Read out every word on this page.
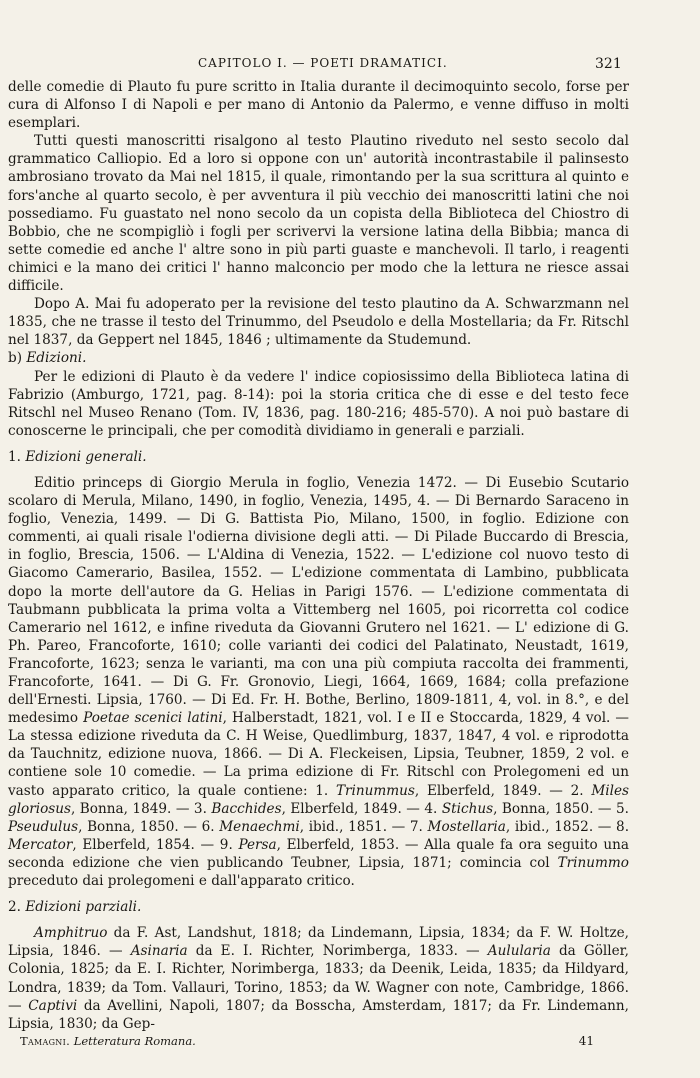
CAPITOLO I. — POETI DRAMATICI.	321

delle comedie di Plauto fu pure scritto in Italia durante il decimoquinto secolo, forse per cura di Alfonso I di Napoli e per mano di Antonio da Palermo, e venne diffuso in molti esemplari.

Tutti questi manoscritti risalgono al testo Plautino riveduto nel sesto secolo dal grammatico Calliopio. Ed a loro si oppone con un' autorità incontrastabile il palinsesto ambrosiano trovato da Mai nel 1815, il quale, rimontando per la sua scrittura al quinto e fors'anche al quarto secolo, è per avventura il più vecchio dei manoscritti latini che noi possediamo. Fu guastato nel nono secolo da un copista della Biblioteca del Chiostro di Bobbio, che ne scompigliò i fogli per scrivervi la versione latina della Bibbia; manca di sette comedie ed anche l' altre sono in più parti guaste e manchevoli. Il tarlo, i reagenti chimici e la mano dei critici l' hanno malconcio per modo che la lettura ne riesce assai difficile.

Dopo A. Mai fu adoperato per la revisione del testo plautino da A. Schwarzmann nel 1835, che ne trasse il testo del Trinummo, del Pseudolo e della Mostellaria; da Fr. Ritschl nel 1837, da Geppert nel 1845, 1846 ; ultimamente da Studemund.

b) Edizioni.

Per le edizioni di Plauto è da vedere l' indice copiosissimo della Biblioteca latina di Fabrizio (Amburgo, 1721, pag. 8-14): poi la storia critica che di esse e del testo fece Ritschl nel Museo Renano (Tom. IV, 1836, pag. 180-216; 485-570). A noi può bastare di conoscerne le principali, che per comodità dividiamo in generali e parziali.

1. Edizioni generali.

Editio princeps di Giorgio Merula in foglio, Venezia 1472. — Di Eusebio Scutario scolaro di Merula, Milano, 1490, in foglio, Venezia, 1495, 4. — Di Bernardo Saraceno in foglio, Venezia, 1499. — Di G. Battista Pio, Milano, 1500, in foglio. Edizione con commenti, ai quali risale l'odierna divisione degli atti. — Di Pilade Buccardo di Brescia, in foglio, Brescia, 1506. — L'Aldina di Venezia, 1522. — L'edizione col nuovo testo di Giacomo Camerario, Basilea, 1552. — L'edizione commentata di Lambino, pubblicata dopo la morte dell'autore da G. Helias in Parigi 1576. — L'edizione commentata di Taubmann pubblicata la prima volta a Vittemberg nel 1605, poi ricorretta col codice Camerario nel 1612, e infine riveduta da Giovanni Grutero nel 1621. — L' edizione di G. Ph. Pareo, Francoforte, 1610; colle varianti dei codici del Palatinato, Neustadt, 1619, Francoforte, 1623; senza le varianti, ma con una più compiuta raccolta dei frammenti, Francoforte, 1641. — Di G. Fr. Gronovio, Liegi, 1664, 1669, 1684; colla prefazione dell'Ernesti. Lipsia, 1760. — Di Ed. Fr. H. Bothe, Berlino, 1809-1811, 4, vol. in 8.°, e del medesimo Poetae scenici latini, Halberstadt, 1821, vol. I e II e Stoccarda, 1829, 4 vol. — La stessa edizione riveduta da C. H Weise, Quedlimburg, 1837, 1847, 4 vol. e riprodotta da Tauchnitz, edizione nuova, 1866. — Di A. Fleckeisen, Lipsia, Teubner, 1859, 2 vol. e contiene sole 10 comedie. — La prima edizione di Fr. Ritschl con Prolegomeni ed un vasto apparato critico, la quale contiene: 1. Trinummus, Elberfeld, 1849. — 2. Miles gloriosus, Bonna, 1849. — 3. Bacchides, Elberfeld, 1849. — 4. Stichus, Bonna, 1850. — 5. Pseudulus, Bonna, 1850. — 6. Menaechmi, ibid., 1851. — 7. Mostellaria, ibid., 1852. — 8. Mercator, Elberfeld, 1854. — 9. Persa, Elberfeld, 1853. — Alla quale fa ora seguito una seconda edizione che vien publicando Teubner, Lipsia, 1871; comincia col Trinummo preceduto dai prolegomeni e dall'apparato critico.

2. Edizioni parziali.

Amphitruo da F. Ast, Landshut, 1818; da Lindemann, Lipsia, 1834; da F. W. Holtze, Lipsia, 1846. — Asinaria da E. I. Richter, Norimberga, 1833. — Aulularia da Göller, Colonia, 1825; da E. I. Richter, Norimberga, 1833; da Deenik, Leida, 1835; da Hildyard, Londra, 1839; da Tom. Vallauri, Torino, 1853; da W. Wagner con note, Cambridge, 1866. — Captivi da Avellini, Napoli, 1807; da Bosscha, Amsterdam, 1817; da Fr. Lindemann, Lipsia, 1830; da Gep-

Tamagni. Letteratura Romana.	41
